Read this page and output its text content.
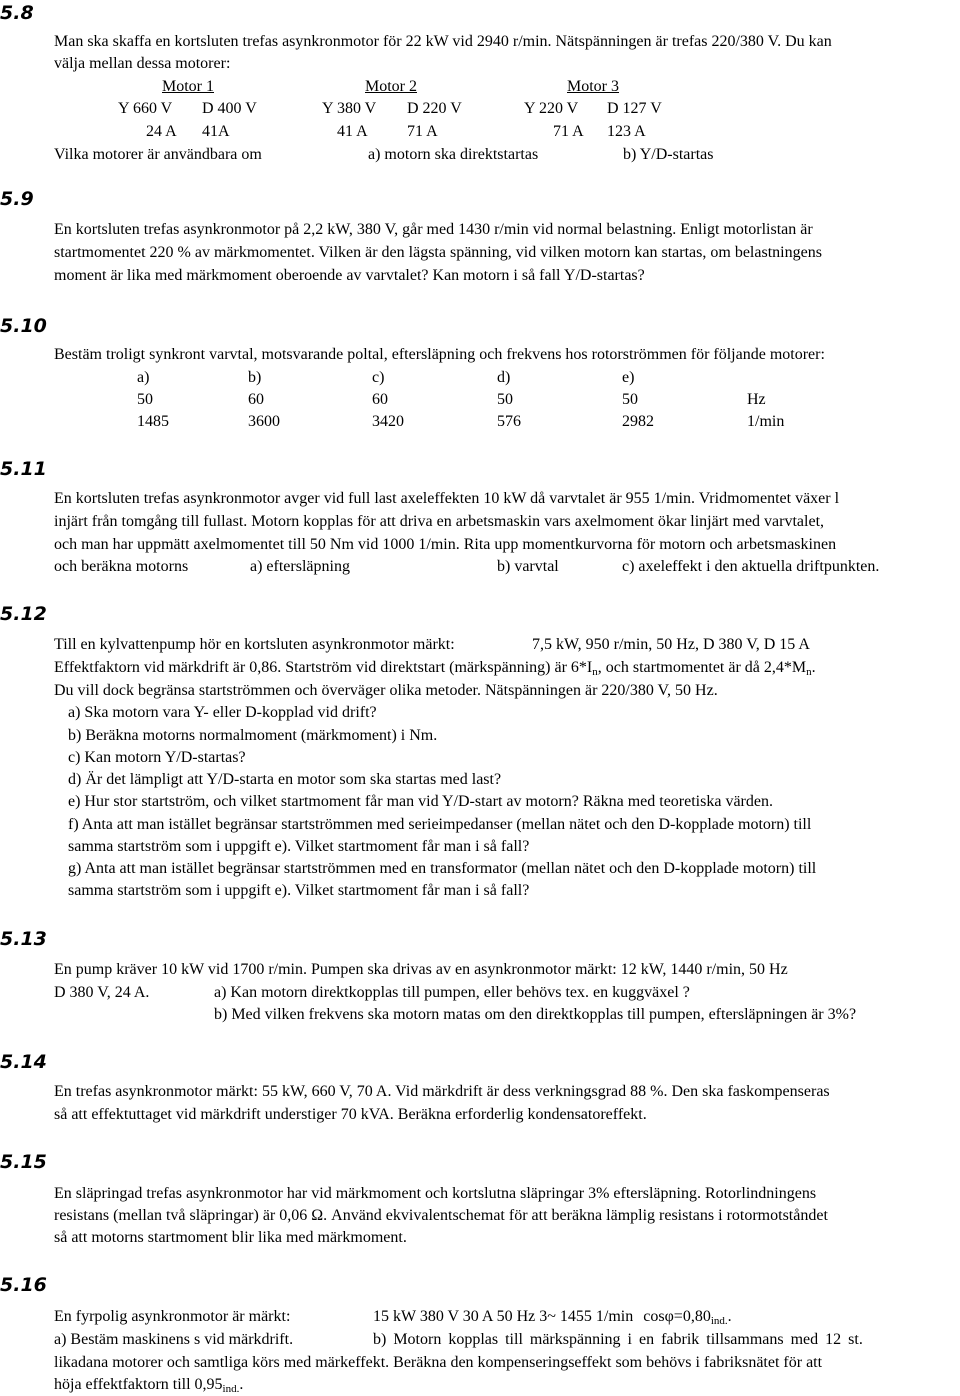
5.8
Man ska skaffa en kortsluten trefas asynkronmotor för 22 kW vid 2940 r/min. Nätspänningen är trefas 220/380 V. Du kan
välja mellan dessa motorer:
Motor 1	Motor 2	Motor 3
Y 660 V D 400 V	Y 380 V D 220 V	Y 220 V D 127 V
24 A 41A	41 A 71 A	71 A 123 A
Vilka motorer är användbara om	a) motorn ska direktstartas	b) Y/D-startas
5.9
En kortsluten trefas asynkronmotor på 2,2 kW, 380 V, går med 1430 r/min vid normal belastning. Enligt motorlistan är
startmomentet 220 % av märkmomentet. Vilken är den lägsta spänning, vid vilken motorn kan startas, om belastningens
moment är lika med märkmoment oberoende av varvtalet? Kan motorn i så fall Y/D-startas?
5.10
Bestäm troligt synkront varvtal, motsvarande poltal, eftersläpning och frekvens hos rotorströmmen för följande motorer:
a)	b)	c)	d)	e)
50	60	60	50	50	Hz
1485	3600	3420	576	2982	1/min
5.11
En kortsluten trefas asynkronmotor avger vid full last axeleffekten 10 kW då varvtalet är 955 1/min. Vridmomentet växer l
injärt från tomgång till fullast. Motorn kopplas för att driva en arbetsmaskin vars axelmoment ökar linjärt med varvtalet,
och man har uppmätt axelmomentet till 50 Nm vid 1000 1/min. Rita upp momentkurvorna för motorn och arbetsmaskinen
och beräkna motorns	a) eftersläpning	b) varvtal	c) axeleffekt i den aktuella driftpunkten.
5.12
Till en kylvattenpump hör en kortsluten asynkronmotor märkt:	7,5 kW, 950 r/min, 50 Hz, D 380 V, D 15 A
Effektfaktorn vid märkdrift är 0,86. Startström vid direktstart (märkspänning) är $6*I_n$, och startmomentet är då $2,4*M_n$.
Du vill dock begränsa startströmmen och överväger olika metoder. Nätspänningen är 220/380 V, 50 Hz.
a) Ska motorn vara Y- eller D-kopplad vid drift?
b) Beräkna motorns normalmoment (märkmoment) i Nm.
c) Kan motorn Y/D-startas?
d) Är det lämpligt att Y/D-starta en motor som ska startas med last?
e) Hur stor startström, och vilket startmoment får man vid Y/D-start av motorn? Räkna med teoretiska värden.
f) Anta att man istället begränsar startströmmen med serieimpedanser (mellan nätet och den D-kopplade motorn) till
samma startström som i uppgift e). Vilket startmoment får man i så fall?
g) Anta att man istället begränsar startströmmen med en transformator (mellan nätet och den D-kopplade motorn) till
samma startström som i uppgift e). Vilket startmoment får man i så fall?
5.13
En pump kräver 10 kW vid 1700 r/min. Pumpen ska drivas av en asynkronmotor märkt: 12 kW, 1440 r/min, 50 Hz
D 380 V, 24 A.	a) Kan motorn direktkopplas till pumpen, eller behövs tex. en kuggväxel ?
b) Med vilken frekvens ska motorn matas om den direktkopplas till pumpen, eftersläpningen är 3%?
5.14
En trefas asynkronmotor märkt: 55 kW, 660 V, 70 A. Vid märkdrift är dess verkningsgrad 88 %. Den ska faskompenseras
så att effektuttaget vid märkdrift understiger 70 kVA. Beräkna erforderlig kondensatoreffekt.
5.15
En släpringad trefas asynkronmotor har vid märkmoment och kortslutna släpringar 3% eftersläpning. Rotorlindningens
resistans (mellan två släpringar) är 0,06 Ω. Använd ekvivalentschemat för att beräkna lämplig resistans i rotormotståndet
så att motorns startmoment blir lika med märkmoment.
5.16
En fyrpolig asynkronmotor är märkt:	15 kW 380 V 30 A 50 Hz 3~ 1455 1/min $\cos\varphi=0,80_{ind.}$.
a) Bestäm maskinens s vid märkdrift.	b) Motorn kopplas till märkspänning i en fabrik tillsammans med 12 st.
likadana motorer och samtliga körs med märkeffekt. Beräkna den kompenseringseffekt som behövs i fabriksnätet för att
höja effektfaktorn till $0,95_{ind.}$.
